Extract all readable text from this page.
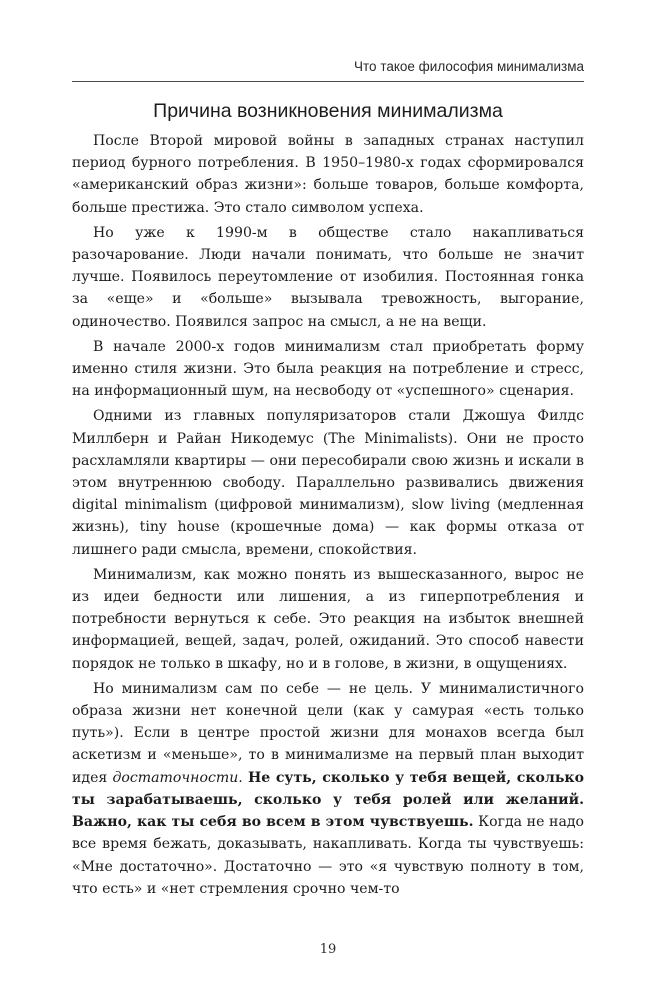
Что такое философия минимализма
Причина возникновения минимализма

После Второй мировой войны в западных странах наступил период бурного потребления. В 1950–1980-х годах сформировался «американский образ жизни»: больше товаров, больше комфорта, больше престижа. Это стало символом успеха.

Но уже к 1990-м в обществе стало накапливаться разочарование. Люди начали понимать, что больше не значит лучше. Появилось переутомление от изобилия. Постоянная гонка за «еще» и «больше» вызывала тревожность, выгорание, одиночество. Появился запрос на смысл, а не на вещи.

В начале 2000-х годов минимализм стал приобретать форму именно стиля жизни. Это была реакция на потребление и стресс, на информационный шум, на несвободу от «успешного» сценария.

Одними из главных популяризаторов стали Джошуа Филдс Миллберн и Райан Никодемус (The Minimalists). Они не просто расхламляли квартиры — они пересобирали свою жизнь и искали в этом внутреннюю свободу. Параллельно развивались движения digital minimalism (цифровой минимализм), slow living (медленная жизнь), tiny house (крошечные дома) — как формы отказа от лишнего ради смысла, времени, спокойствия.

Минимализм, как можно понять из вышесказанного, вырос не из идеи бедности или лишения, а из гиперпотребления и потребности вернуться к себе. Это реакция на избыток внешней информацией, вещей, задач, ролей, ожиданий. Это способ навести порядок не только в шкафу, но и в голове, в жизни, в ощущениях.

Но минимализм сам по себе — не цель. У минималистичного образа жизни нет конечной цели (как у самурая «есть только путь»). Если в центре простой жизни для монахов всегда был аскетизм и «меньше», то в минимализме на первый план выходит идея достаточности. Не суть, сколько у тебя вещей, сколько ты зарабатываешь, сколько у тебя ролей или желаний. Важно, как ты себя во всем в этом чувствуешь. Когда не надо все время бежать, доказывать, накапливать. Когда ты чувствуешь: «Мне достаточно». Достаточно — это «я чувствую полноту в том, что есть» и «нет стремления срочно чем-то

19
